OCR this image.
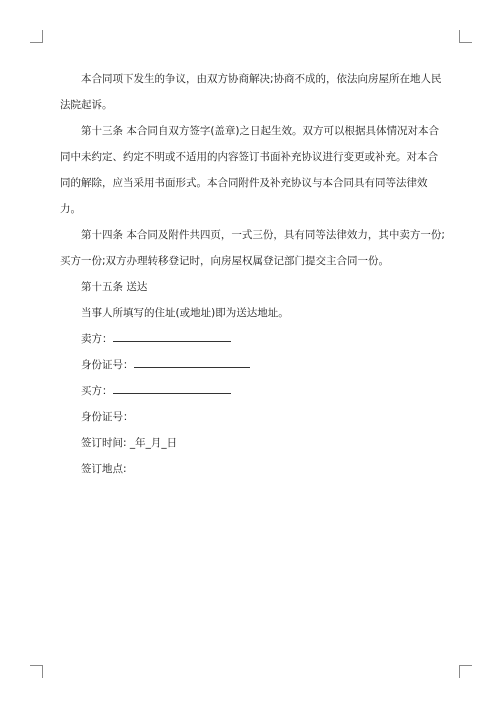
本合同项下发生的争议，由双方协商解决;协商不成的，依法向房屋所在地人民法院起诉。

第十三条 本合同自双方签字(盖章)之日起生效。双方可以根据具体情况对本合同中未约定、约定不明或不适用的内容签订书面补充协议进行变更或补充。对本合同的解除，应当采用书面形式。本合同附件及补充协议与本合同具有同等法律效力。

第十四条 本合同及附件共四页，一式三份，具有同等法律效力，其中卖方一份;买方一份;双方办理转移登记时，向房屋权属登记部门提交主合同一份。

第十五条 送达

当事人所填写的住址(或地址)即为送达地址。

卖方：

身份证号：

买方：

身份证号：

签订时间: _年_月_日

签订地点:
